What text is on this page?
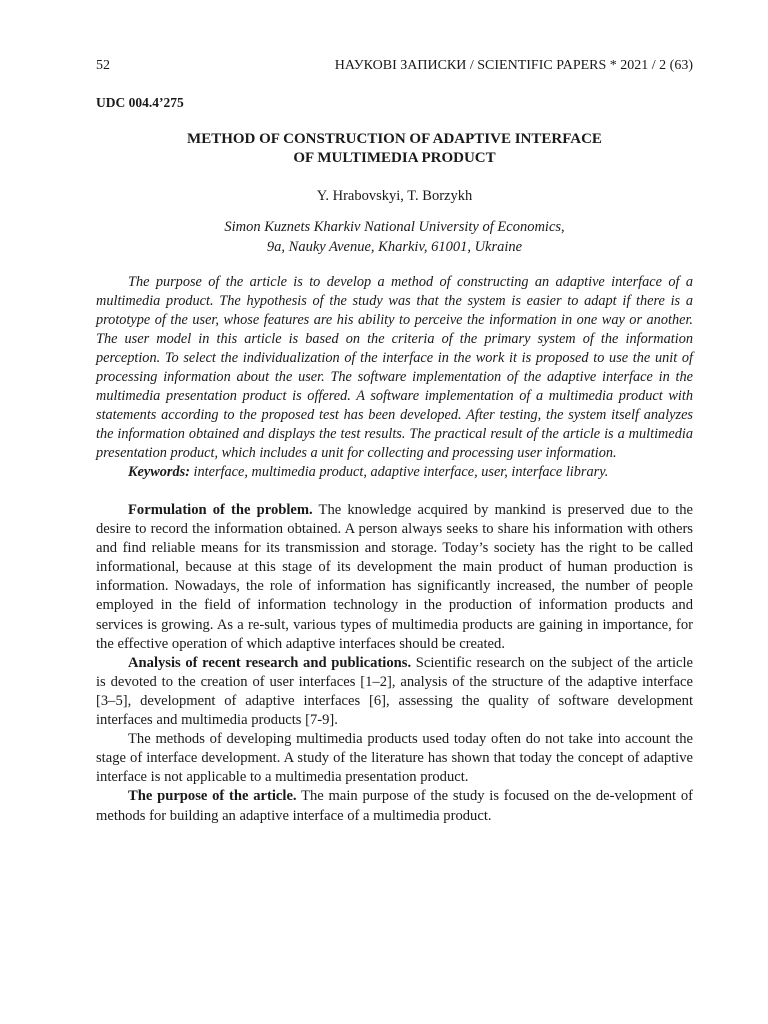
52	НАУКОВІ ЗАПИСКИ / SCIENTIFIC PAPERS * 2021 / 2 (63)
UDC 004.4’275
METHOD OF CONSTRUCTION OF ADAPTIVE INTERFACE
OF MULTIMEDIA PRODUCT
Y. Hrabovskyi, T. Borzykh
Simon Kuznets Kharkiv National University of Economics,
9a, Nauky Avenue, Kharkiv, 61001, Ukraine

The purpose of the article is to develop a method of constructing an adaptive interface of a multimedia product. The hypothesis of the study was that the system is easier to adapt if there is a prototype of the user, whose features are his ability to perceive the information in one way or another. The user model in this article is based on the criteria of the primary system of the information perception. To select the individualization of the interface in the work it is proposed to use the unit of processing information about the user. The software implementation of the adaptive interface in the multimedia presentation product is offered. A software implementation of a multimedia product with statements according to the proposed test has been developed. After testing, the system itself analyzes the information obtained and displays the test results. The practical result of the article is a multimedia presentation product, which includes a unit for collecting and processing user information.

Keywords: interface, multimedia product, adaptive interface, user, interface library.

Formulation of the problem. The knowledge acquired by mankind is preserved due to the desire to record the information obtained. A person always seeks to share his information with others and find reliable means for its transmission and storage. Today’s society has the right to be called informational, because at this stage of its development the main product of human production is information. Nowadays, the role of information has significantly increased, the number of people employed in the field of information technology in the production of information products and services is growing. As a re-sult, various types of multimedia products are gaining in importance, for the effective operation of which adaptive interfaces should be created.

Analysis of recent research and publications. Scientific research on the subject of the article is devoted to the creation of user interfaces [1–2], analysis of the structure of the adaptive interface [3–5], development of adaptive interfaces [6], assessing the quality of software development interfaces and multimedia products [7-9].

The methods of developing multimedia products used today often do not take into account the stage of interface development. A study of the literature has shown that today the concept of adaptive interface is not applicable to a multimedia presentation product.

The purpose of the article. The main purpose of the study is focused on the de-velopment of methods for building an adaptive interface of a multimedia product.
